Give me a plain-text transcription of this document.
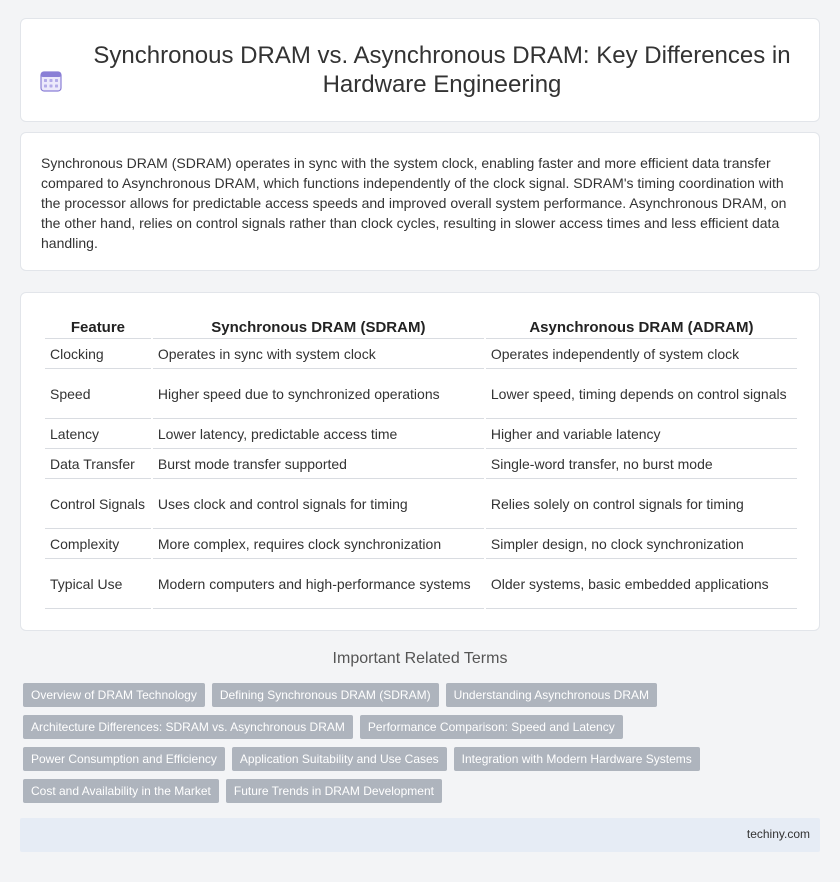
Synchronous DRAM vs. Asynchronous DRAM: Key Differences in Hardware Engineering

Synchronous DRAM (SDRAM) operates in sync with the system clock, enabling faster and more efficient data transfer compared to Asynchronous DRAM, which functions independently of the clock signal. SDRAM's timing coordination with the processor allows for predictable access speeds and improved overall system performance. Asynchronous DRAM, on the other hand, relies on control signals rather than clock cycles, resulting in slower access times and less efficient data handling.

Feature	Synchronous DRAM (SDRAM)	Asynchronous DRAM (ADRAM)
Clocking	Operates in sync with system clock	Operates independently of system clock
Speed	Higher speed due to synchronized operations	Lower speed, timing depends on control signals
Latency	Lower latency, predictable access time	Higher and variable latency
Data Transfer	Burst mode transfer supported	Single-word transfer, no burst mode
Control Signals	Uses clock and control signals for timing	Relies solely on control signals for timing
Complexity	More complex, requires clock synchronization	Simpler design, no clock synchronization
Typical Use	Modern computers and high-performance systems	Older systems, basic embedded applications
Important Related Terms
Overview of DRAM Technology	Defining Synchronous DRAM (SDRAM)	Understanding Asynchronous DRAM
Architecture Differences: SDRAM vs. Asynchronous DRAM	Performance Comparison: Speed and Latency
Power Consumption and Efficiency	Application Suitability and Use Cases	Integration with Modern Hardware Systems
Cost and Availability in the Market	Future Trends in DRAM Development
techiny.com
